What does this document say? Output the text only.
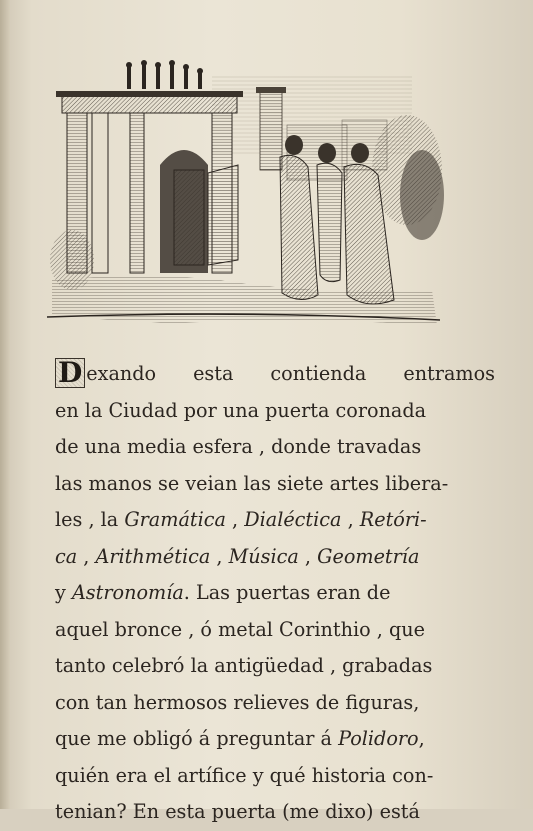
D exando esta contienda entramos
en la Ciudad por una puerta coronada
de una media esfera , donde travadas
las manos se veian las siete artes libera-
les , la Gramática , Dialéctica , Retóri-
ca , Arithmética , Música , Geometría
y Astronomía. Las puertas eran de
aquel bronce , ó metal Corinthio , que
tanto celebró la antigüedad , grabadas
con tan hermosos relieves de figuras,
que me obligó á preguntar á Polidoro,
quién era el artífice y qué historia con-
tenian? En esta puerta (me dixo) está
